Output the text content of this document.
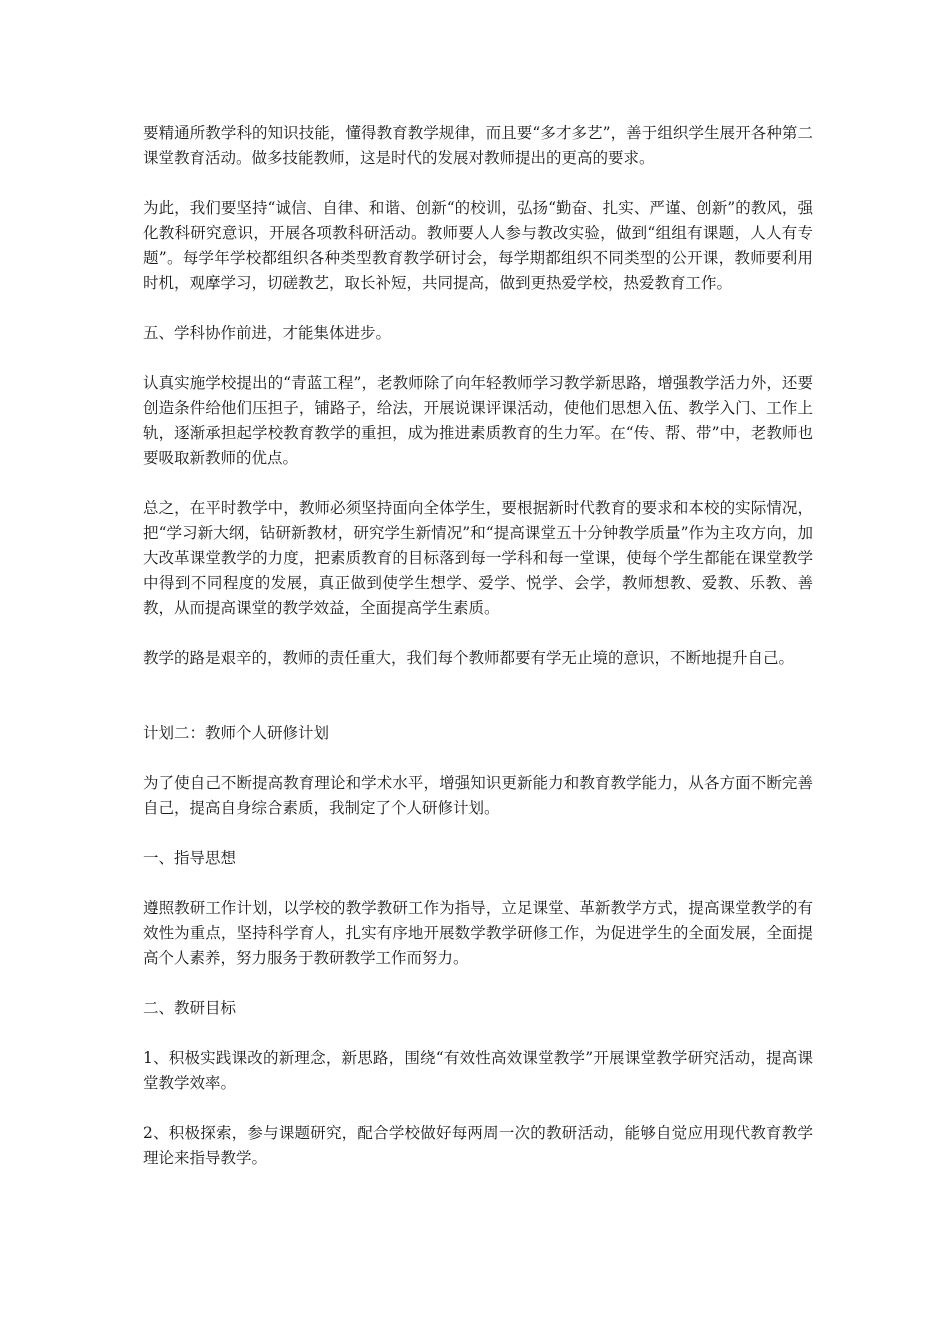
要精通所教学科的知识技能，懂得教育教学规律，而且要“多才多艺”，善于组织学生展开各种第二课堂教育活动。做多技能教师，这是时代的发展对教师提出的更高的要求。

为此，我们要坚持“诚信、自律、和谐、创新“的校训，弘扬“勤奋、扎实、严谨、创新”的教风，强化教科研究意识，开展各项教科研活动。教师要人人参与教改实验，做到“组组有课题，人人有专题”。每学年学校都组织各种类型教育教学研讨会，每学期都组织不同类型的公开课，教师要利用时机，观摩学习，切磋教艺，取长补短，共同提高，做到更热爱学校，热爱教育工作。

五、学科协作前进，才能集体进步。

认真实施学校提出的“青蓝工程”，老教师除了向年轻教师学习教学新思路，增强教学活力外，还要创造条件给他们压担子，铺路子，给法，开展说课评课活动，使他们思想入伍、教学入门、工作上轨，逐渐承担起学校教育教学的重担，成为推进素质教育的生力军。在“传、帮、带”中，老教师也要吸取新教师的优点。

总之，在平时教学中，教师必须坚持面向全体学生，要根据新时代教育的要求和本校的实际情况，把“学习新大纲，钻研新教材，研究学生新情况”和“提高课堂五十分钟教学质量”作为主攻方向，加大改革课堂教学的力度，把素质教育的目标落到每一学科和每一堂课，使每个学生都能在课堂教学中得到不同程度的发展，真正做到使学生想学、爱学、悦学、会学，教师想教、爱教、乐教、善教，从而提高课堂的教学效益，全面提高学生素质。

教学的路是艰辛的，教师的责任重大，我们每个教师都要有学无止境的意识，不断地提升自己。

计划二：教师个人研修计划

为了使自己不断提高教育理论和学术水平，增强知识更新能力和教育教学能力，从各方面不断完善自己，提高自身综合素质，我制定了个人研修计划。

一、指导思想

遵照教研工作计划，以学校的教学教研工作为指导，立足课堂、革新教学方式，提高课堂教学的有效性为重点，坚持科学育人，扎实有序地开展数学教学研修工作，为促进学生的全面发展，全面提高个人素养，努力服务于教研教学工作而努力。

二、教研目标

1、积极实践课改的新理念，新思路，围绕“有效性高效课堂教学”开展课堂教学研究活动，提高课堂教学效率。

2、积极探索，参与课题研究，配合学校做好每两周一次的教研活动，能够自觉应用现代教育教学理论来指导教学。
